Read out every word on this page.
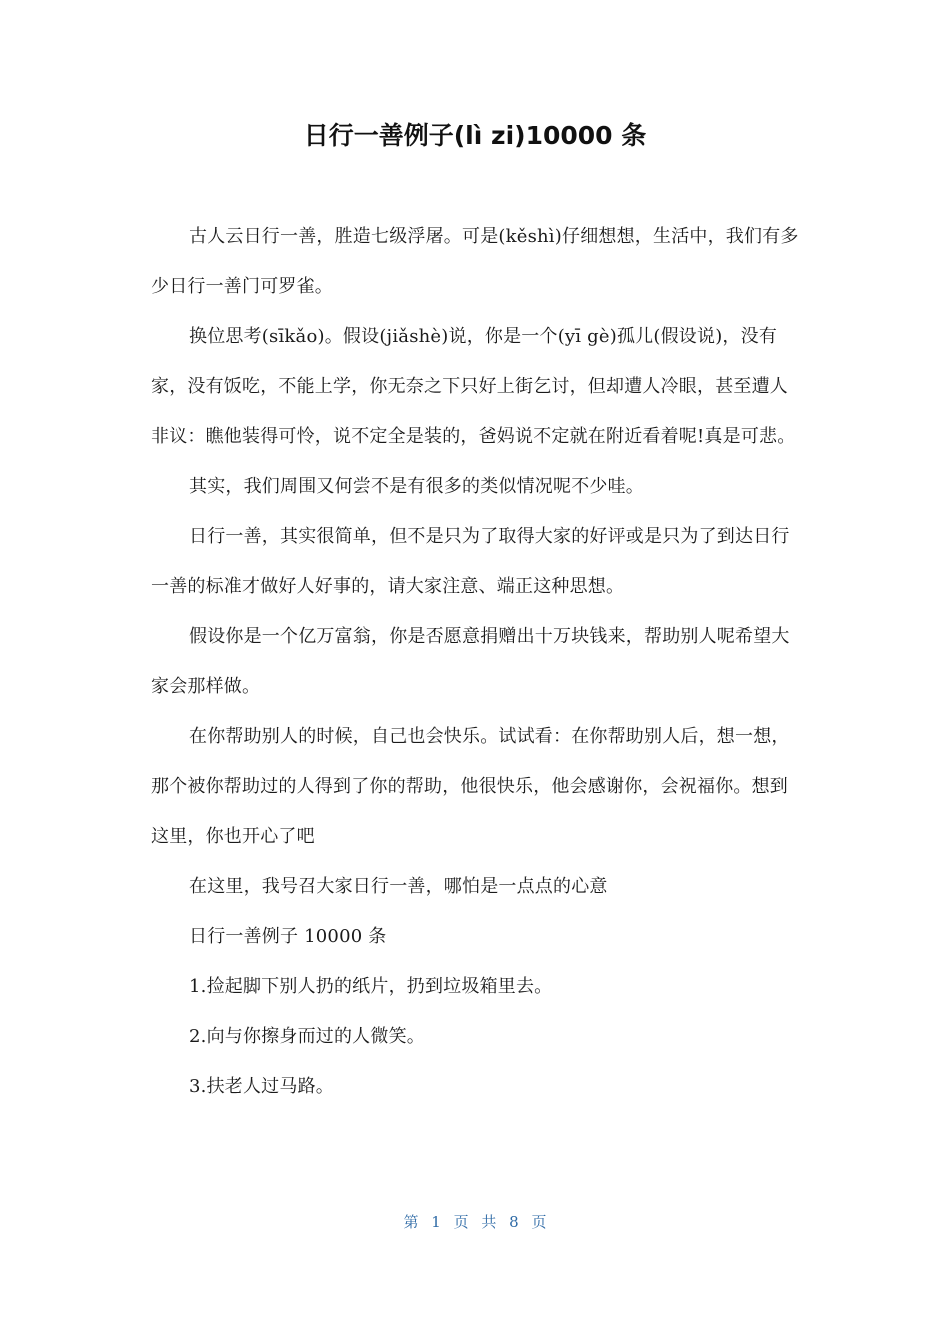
日行一善例子(lì zi)10000 条

古人云日行一善，胜造七级浮屠。可是(kěshì)仔细想想，生活中，我们有多少日行一善门可罗雀。

换位思考(sīkǎo)。假设(jiǎshè)说，你是一个(yī gè)孤儿(假设说)，没有家，没有饭吃，不能上学，你无奈之下只好上街乞讨，但却遭人冷眼，甚至遭人非议：瞧他装得可怜，说不定全是装的，爸妈说不定就在附近看着呢!真是可悲。

其实，我们周围又何尝不是有很多的类似情况呢不少哇。

日行一善，其实很简单，但不是只为了取得大家的好评或是只为了到达日行一善的标准才做好人好事的，请大家注意、端正这种思想。

假设你是一个亿万富翁，你是否愿意捐赠出十万块钱来，帮助别人呢希望大家会那样做。

在你帮助别人的时候，自己也会快乐。试试看：在你帮助别人后，想一想，那个被你帮助过的人得到了你的帮助，他很快乐，他会感谢你，会祝福你。想到这里，你也开心了吧

在这里，我号召大家日行一善，哪怕是一点点的心意

日行一善例子 10000 条

1.捡起脚下别人扔的纸片，扔到垃圾箱里去。

2.向与你擦身而过的人微笑。

3.扶老人过马路。

第 1 页 共 8 页
